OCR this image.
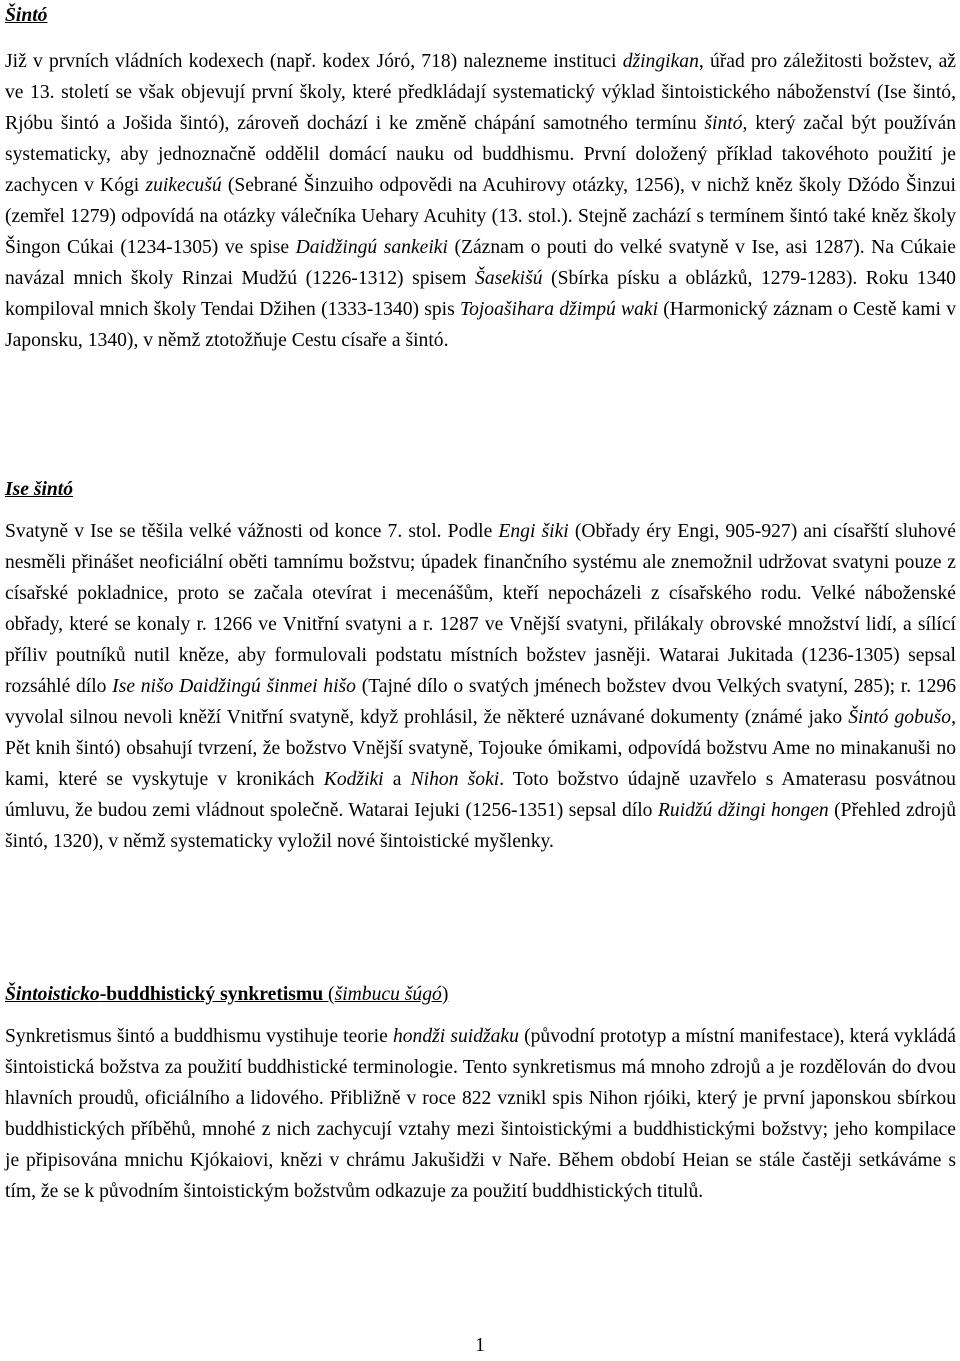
Šintó

Již v prvních vládních kodexech (např. kodex Jóró, 718) nalezneme instituci džingikan, úřad pro záležitosti božstev, až ve 13. století se však objevují první školy, které předkládají systematický výklad šintoistického náboženství (Ise šintó, Rjóbu šintó a Jošida šintó), zároveň dochází i ke změně chápání samotného termínu šintó, který začal být používán systematicky, aby jednoznačně oddělil domácí nauku od buddhismu. První doložený příklad takovéhoto použití je zachycen v Kógi zuikecušú (Sebrané Šinzuiho odpovědi na Acuhirovy otázky, 1256), v nichž kněz školy Džódo Šinzui (zemřel 1279) odpovídá na otázky válečníka Uehary Acuhity (13. stol.). Stejně zachází s termínem šintó také kněz školy Šingon Cúkai (1234-1305) ve spise Daidžingú sankeiki (Záznam o pouti do velké svatyně v Ise, asi 1287). Na Cúkaie navázal mnich školy Rinzai Mudžú (1226-1312) spisem Šasekišú (Sbírka písku a oblázků, 1279-1283). Roku 1340 kompiloval mnich školy Tendai Džihen (1333-1340) spis Tojoašihara džimpú waki (Harmonický záznam o Cestě kami v Japonsku, 1340), v němž ztotožňuje Cestu císaře a šintó.

Ise šintó

Svatyně v Ise se těšila velké vážnosti od konce 7. stol. Podle Engi šiki (Obřady éry Engi, 905-927) ani císařští sluhové nesměli přinášet neoficiální oběti tamnímu božstvu; úpadek finančního systému ale znemožnil udržovat svatyni pouze z císařské pokladnice, proto se začala otevírat i mecenášům, kteří nepocházeli z císařského rodu. Velké náboženské obřady, které se konaly r. 1266 ve Vnitřní svatyni a r. 1287 ve Vnější svatyni, přilákaly obrovské množství lidí, a sílící příliv poutníků nutil kněze, aby formulovali podstatu místních božstev jasněji. Watarai Jukitada (1236-1305) sepsal rozsáhlé dílo Ise nišo Daidžingú šinmei hišo (Tajné dílo o svatých jménech božstev dvou Velkých svatyní, 285); r. 1296 vyvolal silnou nevoli kněží Vnitřní svatyně, když prohlásil, že některé uznávané dokumenty (známé jako Šintó gobušo, Pět knih šintó) obsahují tvrzení, že božstvo Vnější svatyně, Tojouke ómikami, odpovídá božstvu Ame no minakanuši no kami, které se vyskytuje v kronikách Kodžiki a Nihon šoki. Toto božstvo údajně uzavřelo s Amaterasu posvátnou úmluvu, že budou zemi vládnout společně. Watarai Iejuki (1256-1351) sepsal dílo Ruidžú džingi hongen (Přehled zdrojů šintó, 1320), v němž systematicky vyložil nové šintoistické myšlenky.

Šintoisticko-buddhistický synkretismu (šimbucu šúgó)

Synkretismus šintó a buddhismu vystihuje teorie hondži suidžaku (původní prototyp a místní manifestace), která vykládá šintoistická božstva za použití buddhistické terminologie. Tento synkretismus má mnoho zdrojů a je rozdělován do dvou hlavních proudů, oficiálního a lidového. Přibližně v roce 822 vznikl spis Nihon rjóiki, který je první japonskou sbírkou buddhistických příběhů, mnohé z nich zachycují vztahy mezi šintoistickými a buddhistickými božstvy; jeho kompilace je připisována mnichu Kjókaiovi, knězi v chrámu Jakušidži v Naře. Během období Heian se stále častěji setkáváme s tím, že se k původním šintoistickým božstvům odkazuje za použití buddhistických titulů.

1
